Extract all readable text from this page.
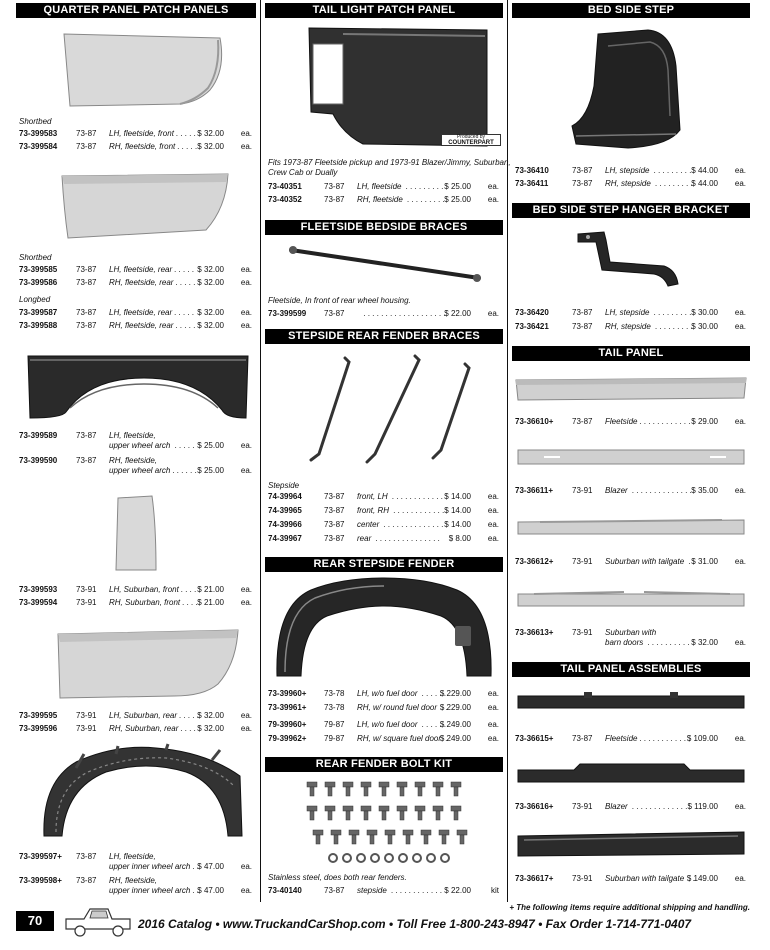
QUARTER PANEL PATCH PANELS
Shortbed
73-399583 73-87 LH, fleetside, front . . . . . $ 32.00 ea.
73-399584 73-87 RH, fleetside, front . . . . . $ 32.00 ea.
Shortbed
73-399585 73-87 LH, fleetside, rear . . . . . $ 32.00 ea.
73-399586 73-87 RH, fleetside, rear . . . . . $ 32.00 ea.
Longbed
73-399587 73-87 LH, fleetside, rear . . . . . $ 32.00 ea.
73-399588 73-87 RH, fleetside, rear . . . . . $ 32.00 ea.
73-399589 73-87 LH, fleetside,
upper wheel arch  . . . . . $ 25.00 ea.
73-399590 73-87 RH, fleetside,
upper wheel arch . . . . . . $ 25.00 ea.
73-399593 73-91 LH, Suburban, front . . . . $ 21.00 ea.
73-399594 73-91 RH, Suburban, front . . . . $ 21.00 ea.
73-399595 73-91 LH, Suburban, rear . . . . .
$ 32.00 ea.
73-399596 73-91 RH, Suburban, rear . . . . $ 32.00 ea.
73-399597+ 73-87 LH, fleetside,
upper inner wheel arch . .
$ 47.00 ea.
73-399598+ 73-87 RH, fleetside,
upper inner wheel arch . .
$ 47.00 ea.
TAIL LIGHT PATCH PANEL
Produced by
COUNTERPART
Fits 1973-87 Fleetside pickup and 1973-91 Blazer/Jimmy, Suburban,
Crew Cab or Dually
73-40351	73-87 LH, fleetside  . . . . . . . . . $ 25.00 ea.
73-40352	73-87 RH, fleetside  . . . . . . . . . $ 25.00 ea.
FLEETSIDE BEDSIDE BRACES
Fleetside, In front of rear wheel housing.
73-399599 73-87 . . . . . . . . . . . . . . . . . . .
$ 22.00 ea.
STEPSIDE REAR FENDER BRACES
Stepside
74-39964	73-87 front, LH  . . . . . . . . . . . . $ 14.00 ea.
74-39965	73-87 front, RH  . . . . . . . . . . . . $ 14.00 ea.
74-39966	73-87 center  . . . . . . . . . . . . . . $ 14.00 ea.
74-39967	73-87 rear  . . . . . . . . . . . . . . . $ 8.00 ea.
REAR STEPSIDE FENDER
73-39960+ 73-78 LH, w/o fuel door  . . . . . .
$ 229.00 ea.
73-39961+ 73-78 RH, w/ round fuel door  . .
$ 229.00 ea.
79-39960+ 79-87 LH, w/o fuel door  . . . . . .
$ 249.00 ea.
79-39962+ 79-87 RH, w/ square fuel door  .
$ 249.00 ea.
REAR FENDER BOLT KIT
Stainless steel, does both rear fenders.
73-40140	73-87 stepside  . . . . . . . . . . . . $ 22.00	kit
BED SIDE STEP
73-36410	73-87 LH, stepside  . . . . . . . . . $ 44.00 ea.
73-36411	73-87 RH, stepside  . . . . . . . . .
$ 44.00 ea.
BED SIDE STEP HANGER BRACKET
73-36420	73-87 LH, stepside  . . . . . . . . . $ 30.00 ea.
73-36421	73-87 RH, stepside  . . . . . . . . .
$ 30.00 ea.
TAIL PANEL
73-36610+ 73-87 Fleetside . . . . . . . . . . . . $ 29.00 ea.
73-36611+ 73-91 Blazer  . . . . . . . . . . . . . . $ 35.00 ea.
73-36612+ 73-91 Suburban with tailgate  . .
$ 31.00 ea.
73-36613+ 73-91 Suburban with
barn doors  . . . . . . . . . . $ 32.00 ea.
TAIL PANEL ASSEMBLIES
73-36615+ 73-87 Fleetside . . . . . . . . . . . .
$ 109.00 ea.
73-36616+ 73-91 Blazer  . . . . . . . . . . . . . .
$ 119.00 ea.
73-36617+ 73-91 Suburban with tailgate  . .
$ 149.00 ea.
+ The following items require additional shipping and handling.
70	2016 Catalog • www.TruckandCarShop.com • Toll Free 1-800-243-8947 • Fax Order 1-714-771-0407
